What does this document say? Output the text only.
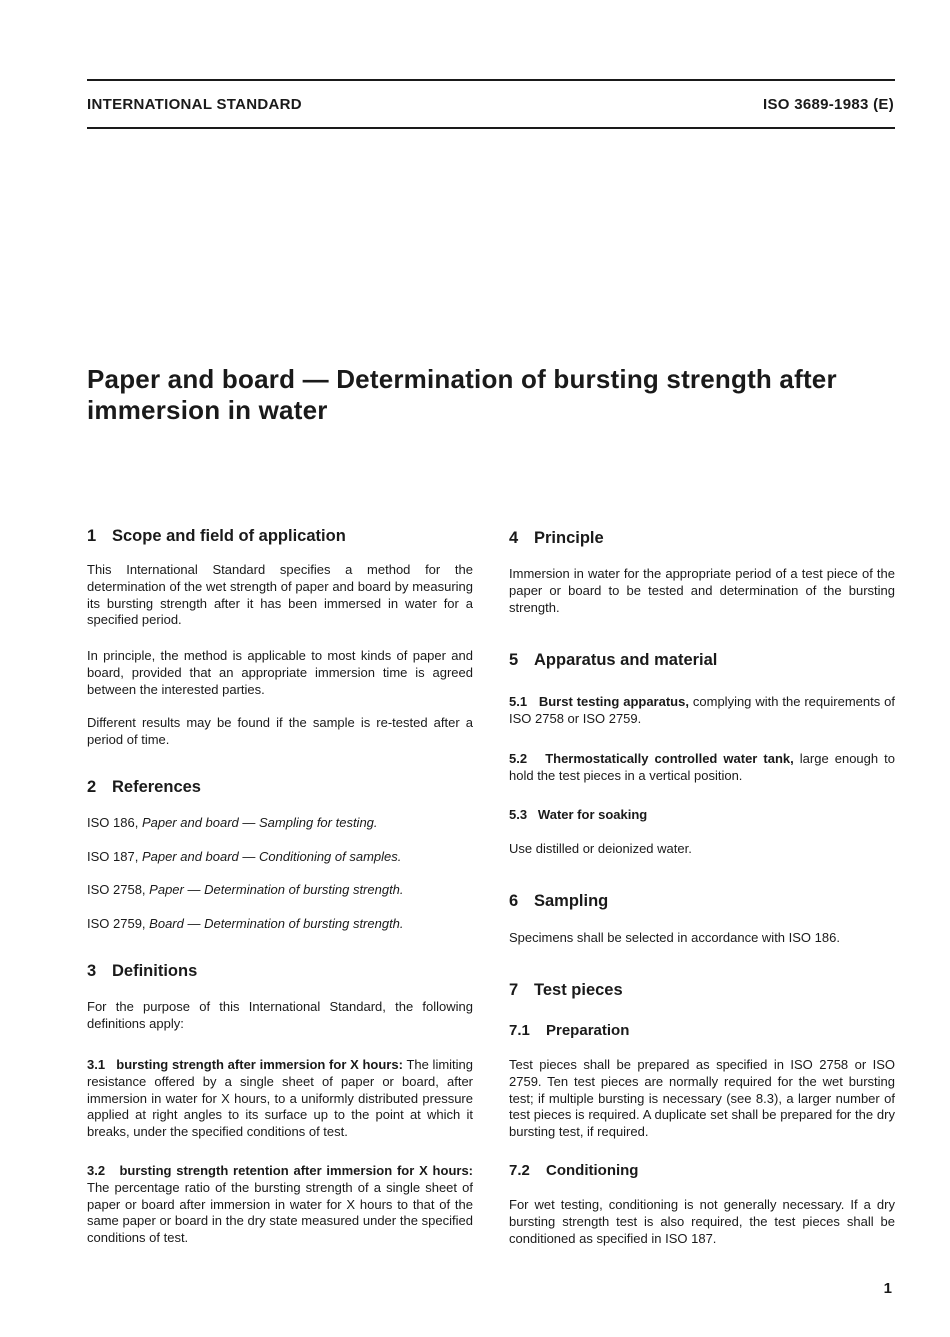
INTERNATIONAL STANDARD	ISO 3689-1983 (E)
Paper and board — Determination of bursting strength after immersion in water
1 Scope and field of application

This International Standard specifies a method for the determination of the wet strength of paper and board by measuring its bursting strength after it has been immersed in water for a specified period.

In principle, the method is applicable to most kinds of paper and board, provided that an appropriate immersion time is agreed between the interested parties.

Different results may be found if the sample is re-tested after a period of time.

2 References

ISO 186, Paper and board — Sampling for testing.

ISO 187, Paper and board — Conditioning of samples.

ISO 2758, Paper — Determination of bursting strength.

ISO 2759, Board — Determination of bursting strength.

3 Definitions

For the purpose of this International Standard, the following definitions apply:

3.1 bursting strength after immersion for X hours: The limiting resistance offered by a single sheet of paper or board, after immersion in water for X hours, to a uniformly distributed pressure applied at right angles to its surface up to the point at which it breaks, under the specified conditions of test.

3.2 bursting strength retention after immersion for X hours: The percentage ratio of the bursting strength of a single sheet of paper or board after immersion in water for X hours to that of the same paper or board in the dry state measured under the specified conditions of test.

4 Principle

Immersion in water for the appropriate period of a test piece of the paper or board to be tested and determination of the bursting strength.

5 Apparatus and material

5.1 Burst testing apparatus, complying with the requirements of ISO 2758 or ISO 2759.

5.2 Thermostatically controlled water tank, large enough to hold the test pieces in a vertical position.

5.3 Water for soaking

Use distilled or deionized water.

6 Sampling

Specimens shall be selected in accordance with ISO 186.

7 Test pieces
7.1 Preparation

Test pieces shall be prepared as specified in ISO 2758 or ISO 2759. Ten test pieces are normally required for the wet bursting test; if multiple bursting is necessary (see 8.3), a larger number of test pieces is required. A duplicate set shall be prepared for the dry bursting test, if required.

7.2 Conditioning

For wet testing, conditioning is not generally necessary. If a dry bursting strength test is also required, the test pieces shall be conditioned as specified in ISO 187.

1
